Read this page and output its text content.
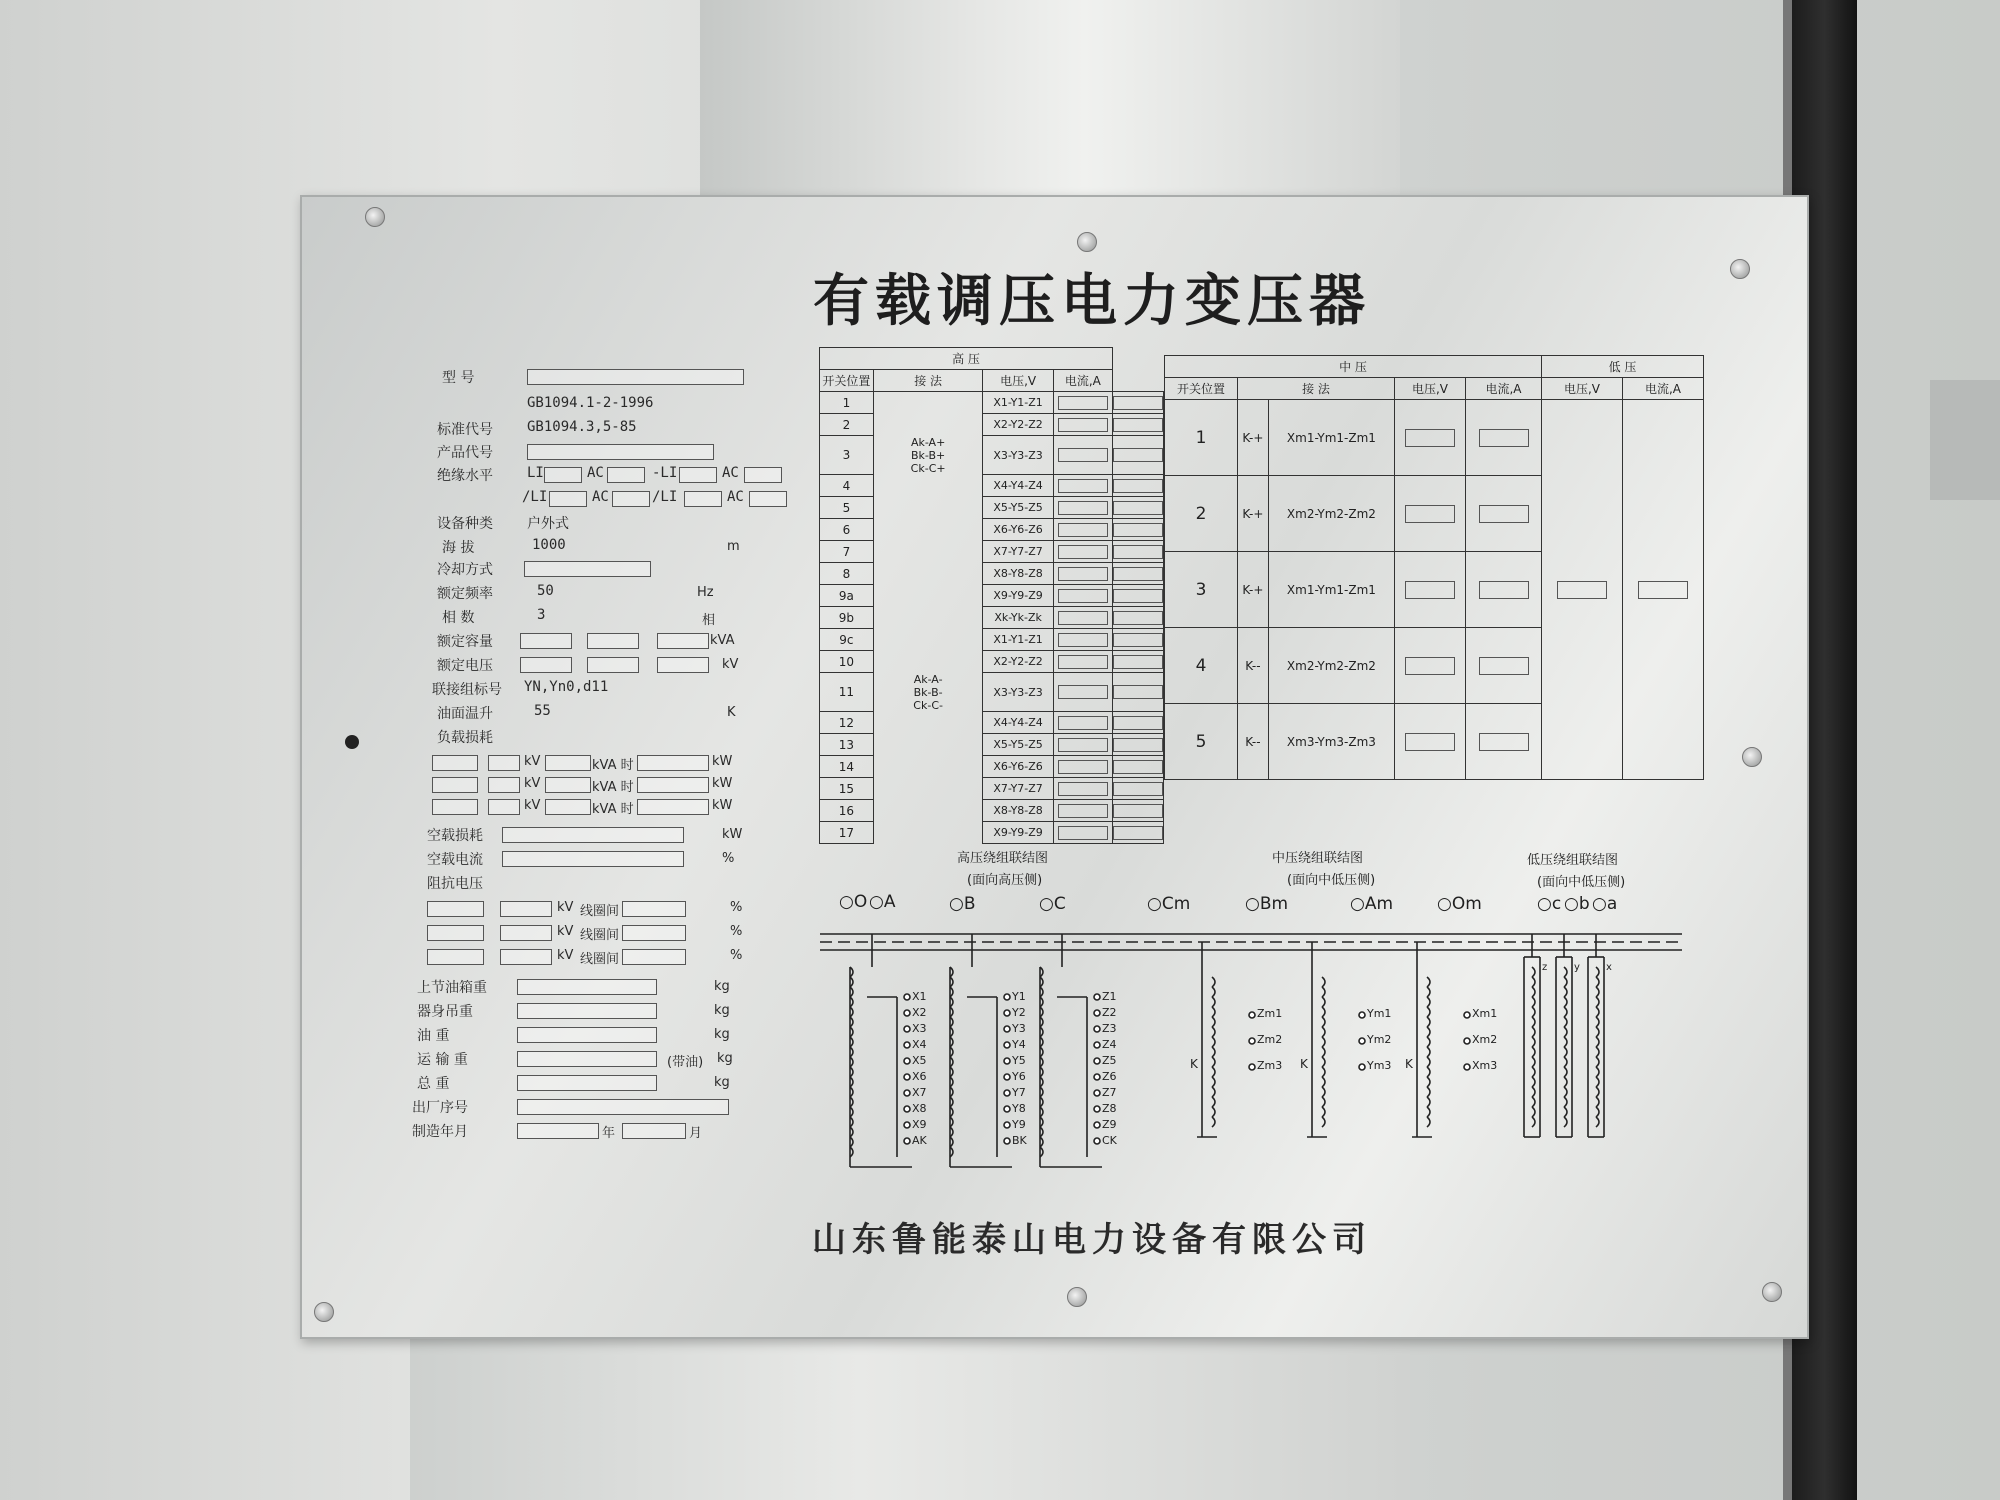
有载调压电力变压器
型 号
GB1094.1-2-1996
标准代号 GB1094.3,5-85
产品代号
绝缘水平 LI	AC	-LI	AC
/LI	AC	/LI	AC
设备种类 户外式
海 拔	1000	m
冷却方式
额定频率	50	Hz
相 数	3	相
额定容量	kVA
额定电压	kV
联接组标号 YN,Yn0,d11
油面温升	55	K
负载损耗
kV	kVA 时	kW
kV	kVA 时	kW
kV	kVA 时	kW
空载损耗	kW
空载电流	%
阻抗电压
kV 线圈间	%
kV 线圈间	%
kV 线圈间	%
上节油箱重	kg
器身吊重	kg
油 重	kg
运 输 重	(带油) kg
总 重	kg
出厂序号
制造年月	年	月
高 压				
开关位置	接 法	电压,V	电流,A	
1		X1-Y1-Z1		
2		X2-Y2-Z2		
3	Ak-A+
Bk-B+
Ck-C+	X3-Y3-Z3		
4		X4-Y4-Z4		
5		X5-Y5-Z5		
6		X6-Y6-Z6		
7		X7-Y7-Z7		
8		X8-Y8-Z8		
9a		X9-Y9-Z9		
9b		Xk-Yk-Zk		
9c		X1-Y1-Z1		
10		X2-Y2-Z2		
11	Ak-A-
Bk-B-
Ck-C-	X3-Y3-Z3		
12		X4-Y4-Z4		
13		X5-Y5-Z5		
14		X6-Y6-Z6		
15		X7-Y7-Z7		
16		X8-Y8-Z8		
17		X9-Y9-Z9		
中 压					低 压	
开关位置	接 法		电压,V	电流,A	电压,V	电流,A
1	K-+	Xm1-Ym1-Zm1				
2	K-+	Xm2-Ym2-Zm2				
3	K-+	Xm1-Ym1-Zm1				
4	K--	Xm2-Ym2-Zm2				
5	K--	Xm3-Ym3-Zm3				
高压绕组联结图
(面向高压侧)
中压绕组联结图
(面向中低压侧)
低压绕组联结图
(面向中低压侧)
○O ○A	○B	○C	○Cm	○Bm	○Am	○Om	○c ○b ○a
X1
X2
X3
X4
X5
X6
X7
X8
X9
AK
Y1
Y2
Y3
Y4
Y5
Y6
Y7
Y8
Y9
BK
Z1
Z2
Z3
Z4
Z5
Z6
Z7
Z8
Z9
CK
Zm1
Zm2
Zm3
K
Ym1
Ym2
Ym3
K
Xm1
Xm2
Xm3
K
z	y	x
山东鲁能泰山电力设备有限公司
